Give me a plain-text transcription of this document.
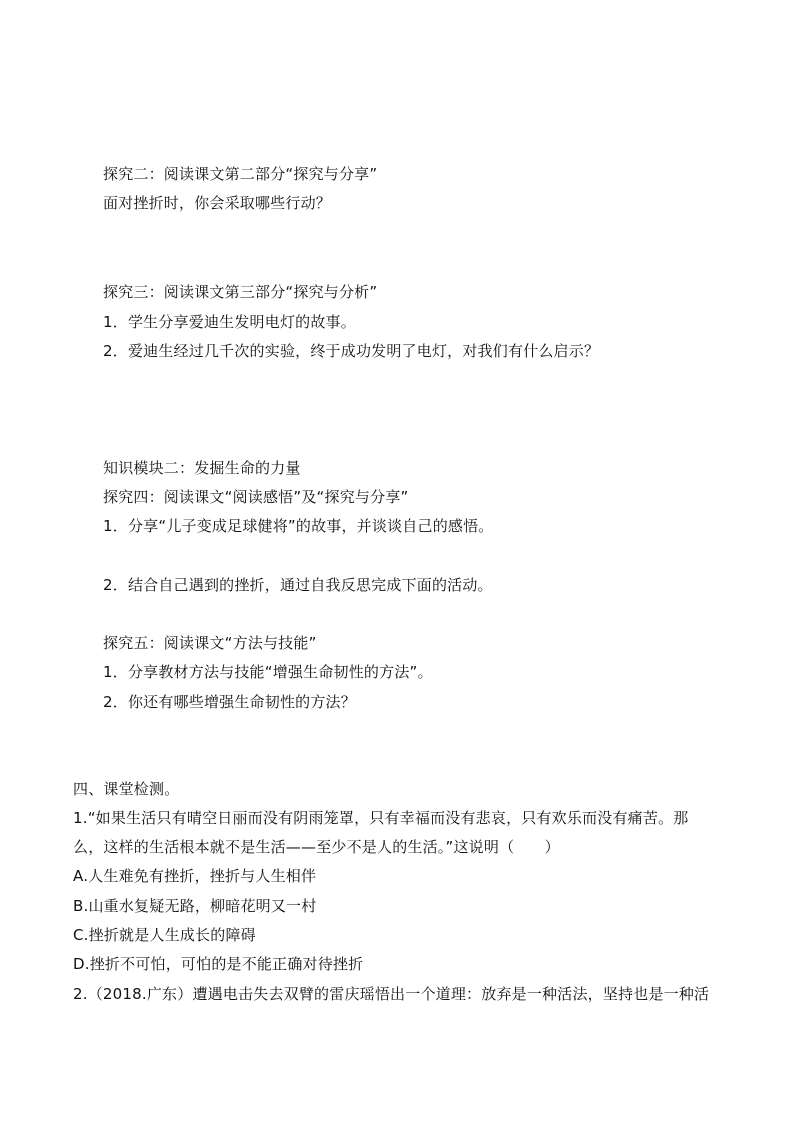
探究二：阅读课文第二部分“探究与分享”
面对挫折时，你会采取哪些行动？
探究三：阅读课文第三部分“探究与分析”
1．学生分享爱迪生发明电灯的故事。
2．爱迪生经过几千次的实验，终于成功发明了电灯，对我们有什么启示？
知识模块二：发掘生命的力量
探究四：阅读课文“阅读感悟”及“探究与分享”
1．分享“儿子变成足球健将”的故事，并谈谈自己的感悟。
2．结合自己遇到的挫折，通过自我反思完成下面的活动。
探究五：阅读课文“方法与技能”
1．分享教材方法与技能“增强生命韧性的方法”。
2．你还有哪些增强生命韧性的方法？
四、课堂检测。
1.“如果生活只有晴空日丽而没有阴雨笼罩，只有幸福而没有悲哀，只有欢乐而没有痛苦。那
么，这样的生活根本就不是生活——至少不是人的生活。”这说明（　　）
A.人生难免有挫折，挫折与人生相伴
B.山重水复疑无路，柳暗花明又一村
C.挫折就是人生成长的障碍
D.挫折不可怕，可怕的是不能正确对待挫折
2.（2018.广东）遭遇电击失去双臂的雷庆瑶悟出一个道理：放弃是一种活法，坚持也是一种活
